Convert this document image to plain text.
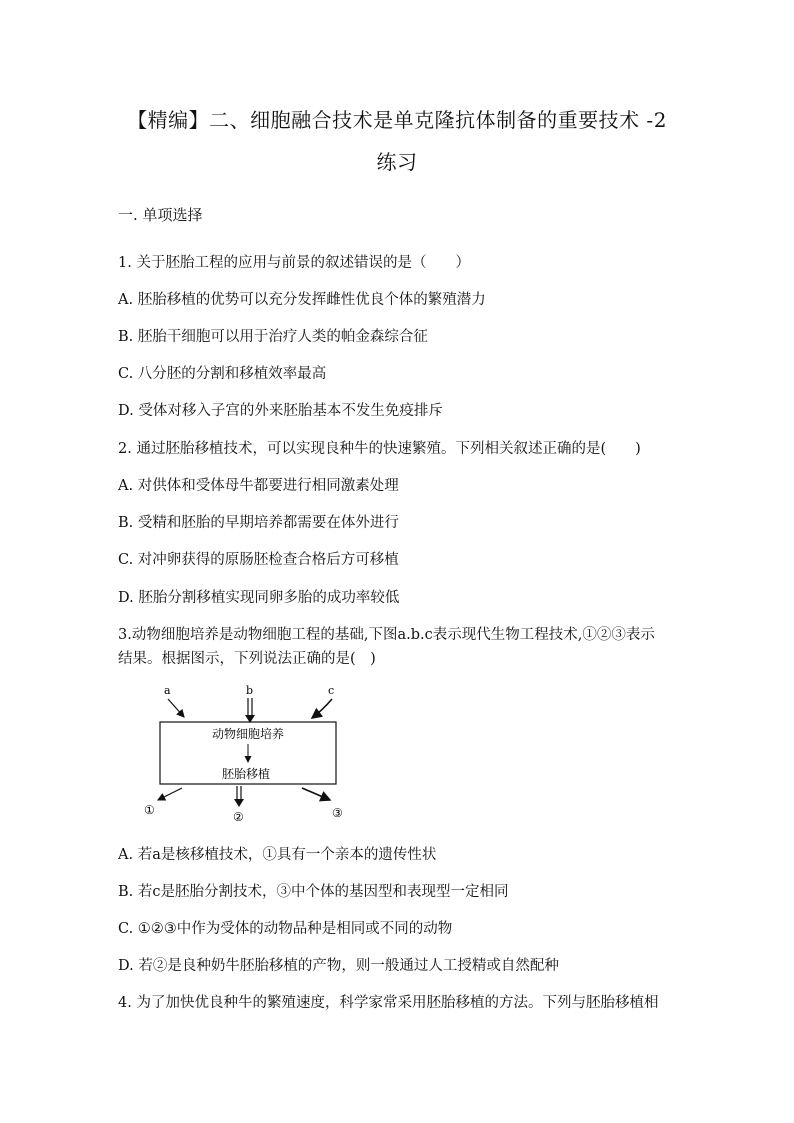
【精编】二、细胞融合技术是单克隆抗体制备的重要技术 -2
练习
一. 单项选择
1. 关于胚胎工程的应用与前景的叙述错误的是（　　）
A. 胚胎移植的优势可以充分发挥雌性优良个体的繁殖潜力
B. 胚胎干细胞可以用于治疗人类的帕金森综合征
C. 八分胚的分割和移植效率最高
D. 受体对移入子宫的外来胚胎基本不发生免疫排斥
2. 通过胚胎移植技术，可以实现良种牛的快速繁殖。下列相关叙述正确的是(　　)
A. 对供体和受体母牛都要进行相同激素处理
B. 受精和胚胎的早期培养都需要在体外进行
C. 对冲卵获得的原肠胚检查合格后方可移植
D. 胚胎分割移植实现同卵多胎的成功率较低
3.动物细胞培养是动物细胞工程的基础,下图a.b.c表示现代生物工程技术,①②③表示
结果。根据图示，下列说法正确的是(　)
a	b	c
动物细胞培养
胚胎移植
①	②	③
A. 若a是核移植技术，①具有一个亲本的遗传性状
B. 若c是胚胎分割技术，③中个体的基因型和表现型一定相同
C. ①②③中作为受体的动物品种是相同或不同的动物
D. 若②是良种奶牛胚胎移植的产物，则一般通过人工授精或自然配种
4. 为了加快优良种牛的繁殖速度，科学家常采用胚胎移植的方法。下列与胚胎移植相
